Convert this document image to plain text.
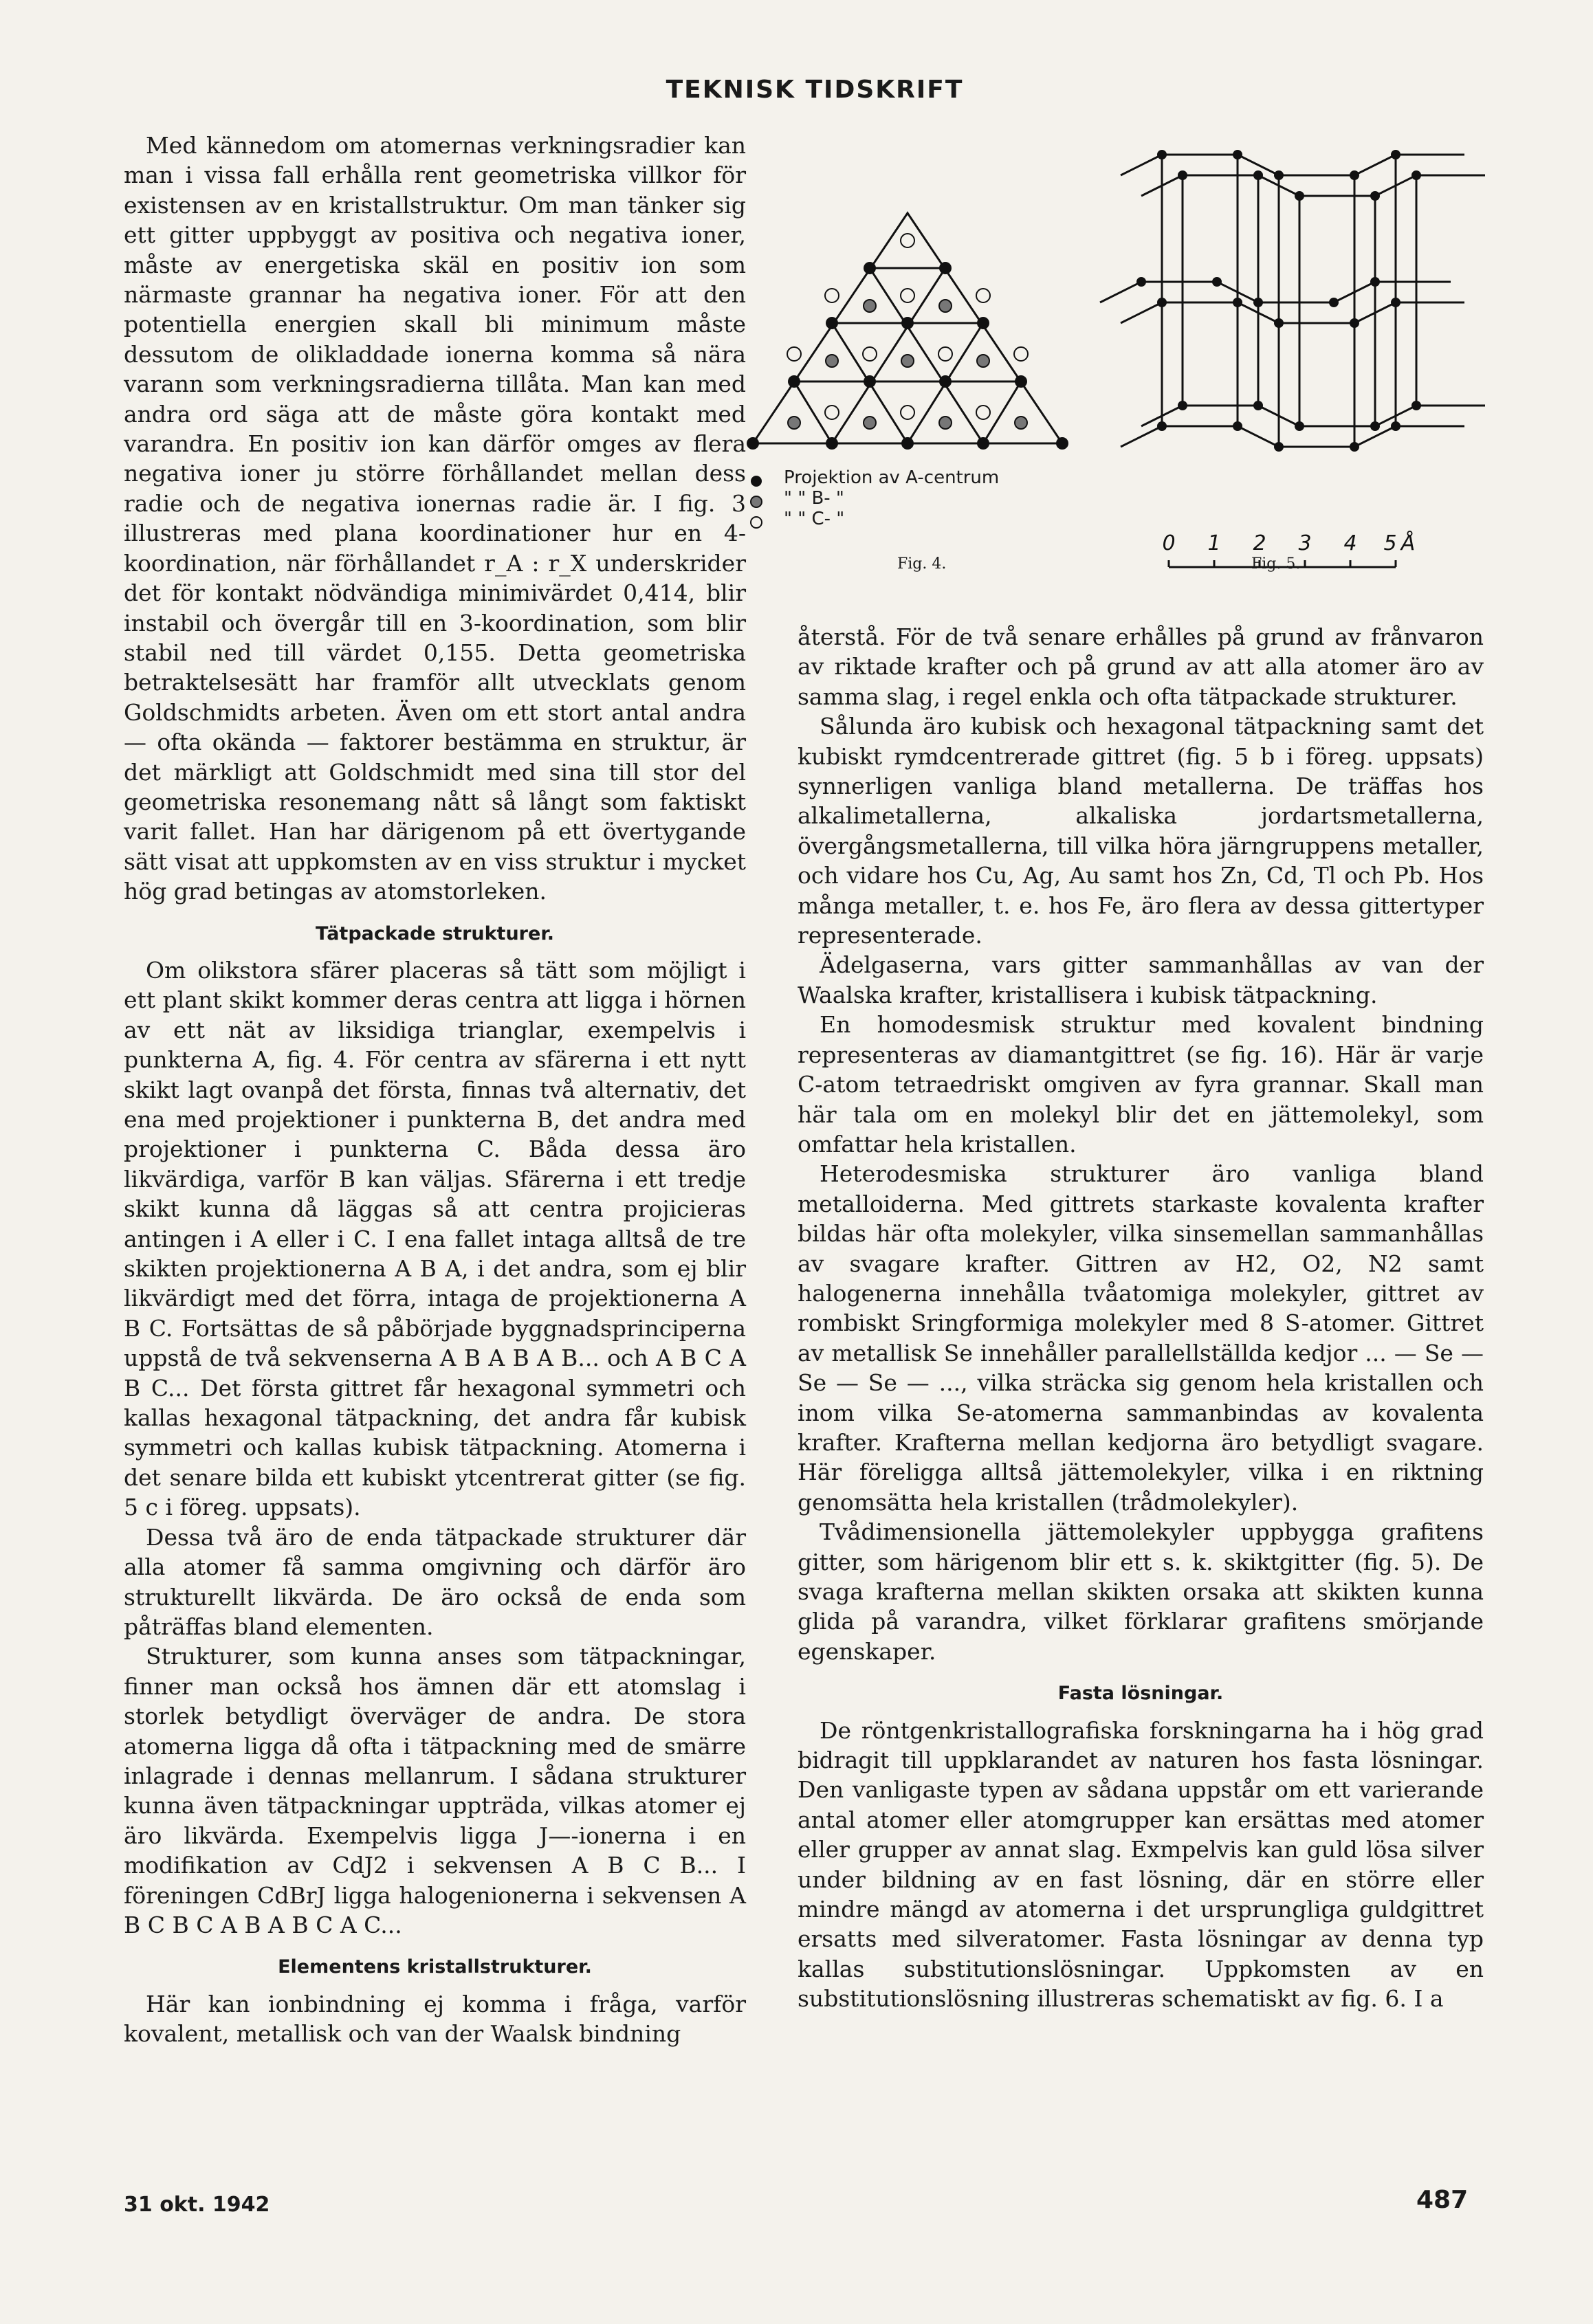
TEKNISK TIDSKRIFT

Med kännedom om atomernas verkningsradier kan man i vissa fall erhålla rent geometriska villkor för existensen av en kristallstruktur. Om man tänker sig ett gitter uppbyggt av positiva och negativa ioner, måste av energetiska skäl en positiv ion som närmaste grannar ha negativa ioner. För att den potentiella energien skall bli minimum måste dessutom de olikladdade ionerna komma så nära varann som verkningsradierna tillåta. Man kan med andra ord säga att de måste göra kontakt med varandra. En positiv ion kan därför omges av flera negativa ioner ju större förhållandet mellan dess radie och de negativa ionernas radie är. I fig. 3 illustreras med plana koordinationer hur en 4-koordination, när förhållandet r_A : r_X underskrider det för kontakt nödvändiga minimivärdet 0,414, blir instabil och övergår till en 3-koordination, som blir stabil ned till värdet 0,155. Detta geometriska betraktelsesätt har framför allt utvecklats genom Goldschmidts arbeten. Även om ett stort antal andra — ofta okända — faktorer bestämma en struktur, är det märkligt att Goldschmidt med sina till stor del geometriska resonemang nått så långt som faktiskt varit fallet. Han har därigenom på ett övertygande sätt visat att uppkomsten av en viss struktur i mycket hög grad betingas av atomstorleken.

Tätpackade strukturer.

Om olikstora sfärer placeras så tätt som möjligt i ett plant skikt kommer deras centra att ligga i hörnen av ett nät av liksidiga trianglar, exempelvis i punkterna A, fig. 4. För centra av sfärerna i ett nytt skikt lagt ovanpå det första, finnas två alternativ, det ena med projektioner i punkterna B, det andra med projektioner i punkterna C. Båda dessa äro likvärdiga, varför B kan väljas. Sfärerna i ett tredje skikt kunna då läggas så att centra projicieras antingen i A eller i C. I ena fallet intaga alltså de tre skikten projektionerna A B A, i det andra, som ej blir likvärdigt med det förra, intaga de projektionerna A B C. Fortsättas de så påbörjade byggnadsprinciperna uppstå de två sekvenserna A B A B A B... och A B C A B C... Det första gittret får hexagonal symmetri och kallas hexagonal tätpackning, det andra får kubisk symmetri och kallas kubisk tätpackning. Atomerna i det senare bilda ett kubiskt ytcentrerat gitter (se fig. 5 c i föreg. uppsats).

Dessa två äro de enda tätpackade strukturer där alla atomer få samma omgivning och därför äro strukturellt likvärda. De äro också de enda som påträffas bland elementen.

Strukturer, som kunna anses som tätpackningar, finner man också hos ämnen där ett atomslag i storlek betydligt överväger de andra. De stora atomerna ligga då ofta i tätpackning med de smärre inlagrade i dennas mellanrum. I sådana strukturer kunna även tätpackningar uppträda, vilkas atomer ej äro likvärda. Exempelvis ligga J—-ionerna i en modifikation av CdJ2 i sekvensen A B C B... I föreningen CdBrJ ligga halogenionerna i sekvensen A B C B C A B A B C A C...

Elementens kristallstrukturer.

Här kan ionbindning ej komma i fråga, varför kovalent, metallisk och van der Waalsk bindning

Projektion av A-centrum
" " B- "
" " C- "
Fig. 4.
0 1 2 3 4 5 Å
Fig. 5.

återstå. För de två senare erhålles på grund av frånvaron av riktade krafter och på grund av att alla atomer äro av samma slag, i regel enkla och ofta tätpackade strukturer.

Sålunda äro kubisk och hexagonal tätpackning samt det kubiskt rymdcentrerade gittret (fig. 5 b i föreg. uppsats) synnerligen vanliga bland metallerna. De träffas hos alkalimetallerna, alkaliska jordartsmetallerna, övergångsmetallerna, till vilka höra järngruppens metaller, och vidare hos Cu, Ag, Au samt hos Zn, Cd, Tl och Pb. Hos många metaller, t. e. hos Fe, äro flera av dessa gittertyper representerade.

Ädelgaserna, vars gitter sammanhållas av van der Waalska krafter, kristallisera i kubisk tätpackning.

En homodesmisk struktur med kovalent bindning representeras av diamantgittret (se fig. 16). Här är varje C-atom tetraedriskt omgiven av fyra grannar. Skall man här tala om en molekyl blir det en jättemolekyl, som omfattar hela kristallen.

Heterodesmiska strukturer äro vanliga bland metalloiderna. Med gittrets starkaste kovalenta krafter bildas här ofta molekyler, vilka sinsemellan sammanhållas av svagare krafter. Gittren av H2, O2, N2 samt halogenerna innehålla tvåatomiga molekyler, gittret av rombiskt Sringformiga molekyler med 8 S-atomer. Gittret av metallisk Se innehåller parallellställda kedjor ... — Se — Se — Se — ..., vilka sträcka sig genom hela kristallen och inom vilka Se-atomerna sammanbindas av kovalenta krafter. Krafterna mellan kedjorna äro betydligt svagare. Här föreligga alltså jättemolekyler, vilka i en riktning genomsätta hela kristallen (trådmolekyler).

Tvådimensionella jättemolekyler uppbygga grafitens gitter, som härigenom blir ett s. k. skiktgitter (fig. 5). De svaga krafterna mellan skikten orsaka att skikten kunna glida på varandra, vilket förklarar grafitens smörjande egenskaper.

Fasta lösningar.

De röntgenkristallografiska forskningarna ha i hög grad bidragit till uppklarandet av naturen hos fasta lösningar. Den vanligaste typen av sådana uppstår om ett varierande antal atomer eller atomgrupper kan ersättas med atomer eller grupper av annat slag. Exmpelvis kan guld lösa silver under bildning av en fast lösning, där en större eller mindre mängd av atomerna i det ursprungliga guldgittret ersatts med silveratomer. Fasta lösningar av denna typ kallas substitutionslösningar. Uppkomsten av en substitutionslösning illustreras schematiskt av fig. 6. I a

31 okt. 1942	487
